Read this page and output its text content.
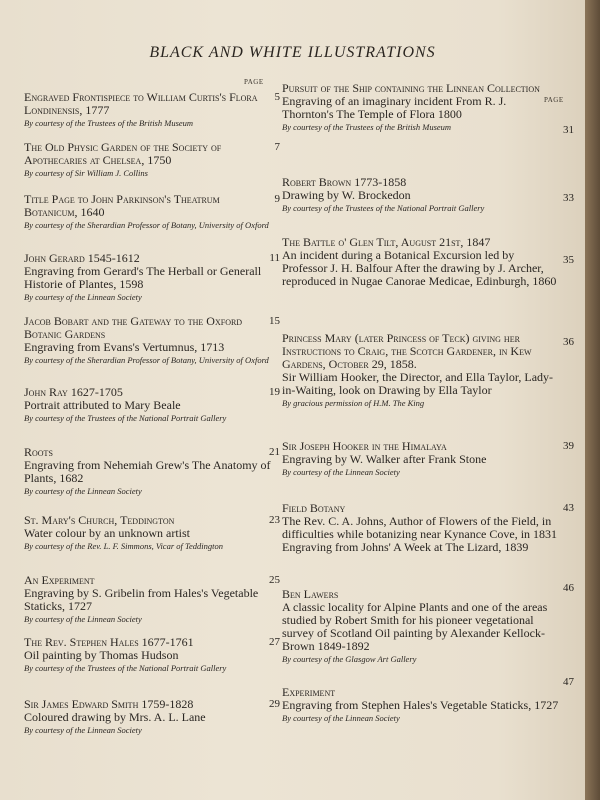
BLACK AND WHITE ILLUSTRATIONS
PAGE
Engraved Frontispiece to William Curtis's Flora Londinensis, 1777
By courtesy of the Trustees of the British Museum
5
The Old Physic Garden of the Society of Apothecaries at Chelsea, 1750
By courtesy of Sir William J. Collins
7
Title Page to John Parkinson's Theatrum Botanicum, 1640
By courtesy of the Sherardian Professor of Botany, University of Oxford
9
John Gerard 1545-1612
Engraving from Gerard's The Herball or Generall Historie of Plantes, 1598
By courtesy of the Linnean Society
11
Jacob Bobart and the Gateway to the Oxford Botanic Gardens
Engraving from Evans's Vertumnus, 1713
By courtesy of the Sherardian Professor of Botany, University of Oxford
15
John Ray 1627-1705
Portrait attributed to Mary Beale
By courtesy of the Trustees of the National Portrait Gallery
19
Roots
Engraving from Nehemiah Grew's The Anatomy of Plants, 1682
By courtesy of the Linnean Society
21
St. Mary's Church, Teddington
Water colour by an unknown artist
By courtesy of the Rev. L. F. Simmons, Vicar of Teddington
23
An Experiment
Engraving by S. Gribelin from Hales's Vegetable Staticks, 1727
By courtesy of the Linnean Society
25
The Rev. Stephen Hales 1677-1761
Oil painting by Thomas Hudson
By courtesy of the Trustees of the National Portrait Gallery
27
Sir James Edward Smith 1759-1828
Coloured drawing by Mrs. A. L. Lane
By courtesy of the Linnean Society
29
PAGE
Pursuit of the Ship containing the Linnean Collection
Engraving of an imaginary incident From R. J. Thornton's The Temple of Flora 1800
By courtesy of the Trustees of the British Museum	31
Robert Brown 1773-1858
Drawing by W. Brockedon
By courtesy of the Trustees of the National Portrait Gallery
33
The Battle o' Glen Tilt, August 21st, 1847
An incident during a Botanical Excursion led by Professor J. H. Balfour After the drawing by J. Archer, reproduced in Nugae Canorae Medicae, Edinburgh, 1860
35
Princess Mary (later Princess of Teck) giving her Instructions to Craig, the Scotch Gardener, in Kew Gardens, October 29, 1858.
Sir William Hooker, the Director, and Ella Taylor, Lady-in-Waiting, look on Drawing by Ella Taylor
By gracious permission of H.M. The King
36
Sir Joseph Hooker in the Himalaya
Engraving by W. Walker after Frank Stone
By courtesy of the Linnean Society
39
Field Botany
The Rev. C. A. Johns, Author of Flowers of the Field, in difficulties while botanizing near Kynance Cove, in 1831 Engraving from Johns' A Week at The Lizard, 1839
43
Ben Lawers
A classic locality for Alpine Plants and one of the areas studied by Robert Smith for his pioneer vegetational survey of Scotland Oil painting by Alexander Kellock-Brown 1849-1892
By courtesy of the Glasgow Art Gallery
46
Experiment
Engraving from Stephen Hales's Vegetable Staticks, 1727
By courtesy of the Linnean Society
47
